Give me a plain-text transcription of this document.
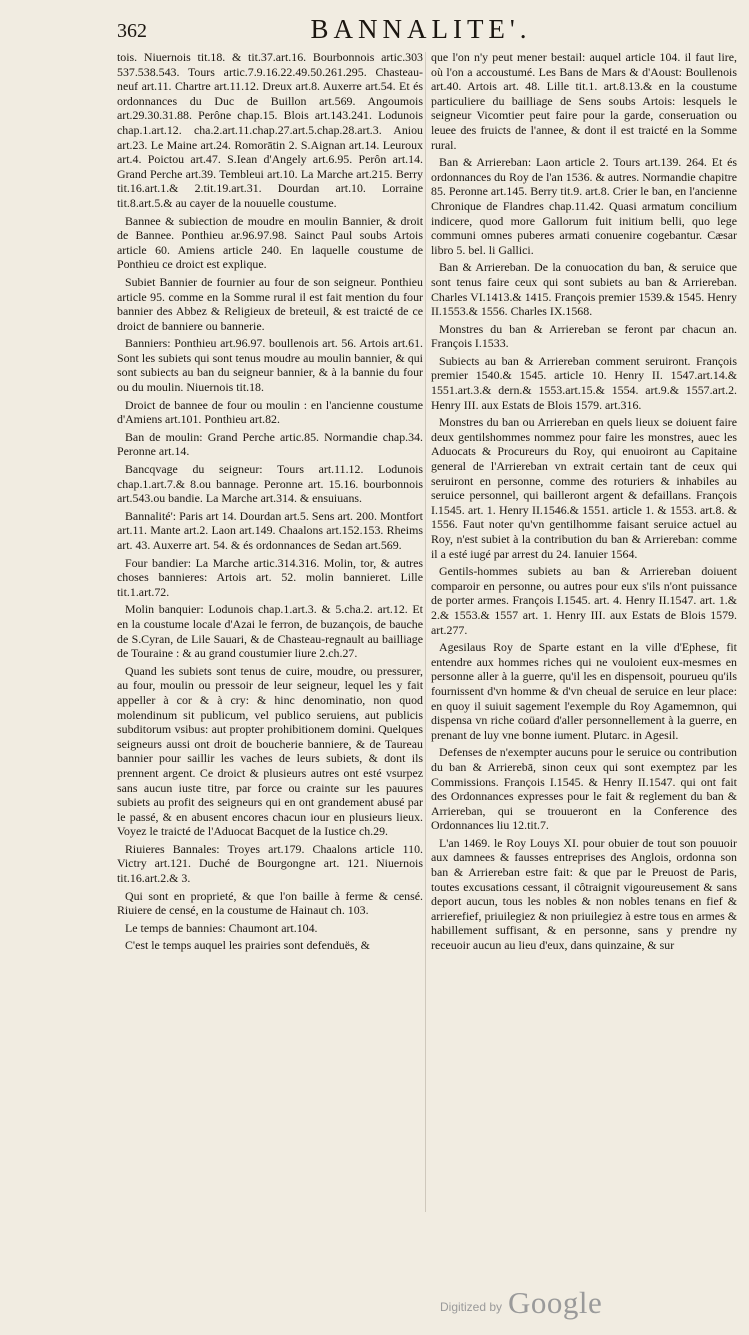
362	BANNALITE'.

tois. Niuernois tit.18. & tit.37.art.16. Bourbonnois artic.303 537.538.543. Tours artic.7.9.16.22.49.50.261.295. Chasteau-neuf art.11. Chartre art.11.12. Dreux art.8. Auxerre art.54. Et és ordonnances du Duc de Buillon art.569. Angoumois art.29.30.31.88. Perône chap.15. Blois art.143.241. Lodunois chap.1.art.12. cha.2.art.11.chap.27.art.5.chap.28.art.3. Aniou art.23. Le Maine art.24. Romorātin 2. S.Aignan art.14. Leuroux art.4. Poictou art.47. S.Iean d'Angely art.6.95. Perôn art.14. Grand Perche art.39. Tembleui art.10. La Marche art.215. Berry tit.16.art.1.& 2.tit.19.art.31. Dourdan art.10. Lorraine tit.8.art.5.& au cayer de la nouuelle coustume.

Bannee & subiection de moudre en moulin Bannier, & droit de Bannee. Ponthieu ar.96.97.98. Sainct Paul soubs Artois article 60. Amiens article 240. En laquelle coustume de Ponthieu ce droict est explique.

Subiet Bannier de fournier au four de son seigneur. Ponthieu article 95. comme en la Somme rural il est fait mention du four bannier des Abbez & Religieux de breteuil, & est traicté de ce droict de banniere ou bannerie.

Banniers: Ponthieu art.96.97. boullenois art. 56. Artois art.61. Sont les subiets qui sont tenus moudre au moulin bannier, & qui sont subiects au ban du seigneur bannier, & à la bannie du four ou du moulin. Niuernois tit.18.

Droict de bannee de four ou moulin : en l'ancienne coustume d'Amiens art.101. Ponthieu art.82.

Ban de moulin: Grand Perche artic.85. Normandie chap.34. Peronne art.14.

Bancqvage du seigneur: Tours art.11.12. Lodunois chap.1.art.7.& 8.ou bannage. Peronne art. 15.16. bourbonnois art.543.ou bandie. La Marche art.314. & ensuiuans.

Bannalité': Paris art 14. Dourdan art.5. Sens art. 200. Montfort art.11. Mante art.2. Laon art.149. Chaalons art.152.153. Rheims art. 43. Auxerre art. 54. & és ordonnances de Sedan art.569.

Four bandier: La Marche artic.314.316. Molin, tor, & autres choses bannieres: Artois art. 52. molin bannieret. Lille tit.1.art.72.

Molin banquier: Lodunois chap.1.art.3. & 5.cha.2. art.12. Et en la coustume locale d'Azai le ferron, de buzançois, de bauche de S.Cyran, de Lile Sauari, & de Chasteau-regnault au bailliage de Touraine : & au grand coustumier liure 2.ch.27.

Quand les subiets sont tenus de cuire, moudre, ou pressurer, au four, moulin ou pressoir de leur seigneur, lequel les y fait appeller à cor & à cry: & hinc denominatio, non quod molendinum sit publicum, vel publico seruiens, aut publicis subditorum vsibus: aut propter prohibitionem domini. Quelques seigneurs aussi ont droit de boucherie banniere, & de Taureau bannier pour saillir les vaches de leurs subiets, & dont ils prennent argent. Ce droict & plusieurs autres ont esté vsurpez sans aucun iuste titre, par force ou crainte sur les pauures subiets au profit des seigneurs qui en ont grandement abusé par le passé, & en abusent encores chacun iour en plusieurs lieux. Voyez le traicté de l'Aduocat Bacquet de la Iustice ch.29.

Riuieres Bannales: Troyes art.179. Chaalons article 110. Victry art.121. Duché de Bourgongne art. 121. Niuernois tit.16.art.2.& 3.

Qui sont en proprieté, & que l'on baille à ferme & censé. Riuiere de censé, en la coustume de Hainaut ch. 103.

Le temps de bannies: Chaumont art.104.

C'est le temps auquel les prairies sont defenduës, &

que l'on n'y peut mener bestail: auquel article 104. il faut lire, où l'on a accoustumé. Les Bans de Mars & d'Aoust: Boullenois art.40. Artois art. 48. Lille tit.1. art.8.13.& en la coustume particuliere du bailliage de Sens soubs Artois: lesquels le seigneur Vicomtier peut faire pour la garde, conseruation ou leuee des fruicts de l'annee, & dont il est traicté en la Somme rural.

Ban & Arriereban: Laon article 2. Tours art.139. 264. Et és ordonnances du Roy de l'an 1536. & autres. Normandie chapitre 85. Peronne art.145. Berry tit.9. art.8. Crier le ban, en l'ancienne Chronique de Flandres chap.11.42. Quasi armatum concilium indicere, quod more Gallorum fuit initium belli, quo lege communi omnes puberes armati conuenire cogebantur. Cæsar libro 5. bel. li Gallici.

Ban & Arriereban. De la conuocation du ban, & seruice que sont tenus faire ceux qui sont subiets au ban & Arriereban. Charles VI.1413.& 1415. François premier 1539.& 1545. Henry II.1553.& 1556. Charles IX.1568.

Monstres du ban & Arriereban se feront par chacun an. François I.1533.

Subiects au ban & Arriereban comment seruiront. François premier 1540.& 1545. article 10. Henry II. 1547.art.14.& 1551.art.3.& dern.& 1553.art.15.& 1554. art.9.& 1557.art.2. Henry III. aux Estats de Blois 1579. art.316.

Monstres du ban ou Arriereban en quels lieux se doiuent faire deux gentilshommes nommez pour faire les monstres, auec les Aduocats & Procureurs du Roy, qui enuoiront au Capitaine general de l'Arriereban vn extrait certain tant de ceux qui seruiront en personne, comme des roturiers & inhabiles au seruice personnel, qui bailleront argent & defaillans. François I.1545. art. 1. Henry II.1546.& 1551. article 1. & 1553. art.8. & 1556. Faut noter qu'vn gentilhomme faisant seruice actuel au Roy, n'est subiet à la contribution du ban & Arriereban: comme il a esté iugé par arrest du 24. Ianuier 1564.

Gentils-hommes subiets au ban & Arriereban doiuent comparoir en personne, ou autres pour eux s'ils n'ont puissance de porter armes. François I.1545. art. 4. Henry II.1547. art. 1.& 2.& 1553.& 1557 art. 1. Henry III. aux Estats de Blois 1579. art.277.

Agesilaus Roy de Sparte estant en la ville d'Ephese, fit entendre aux hommes riches qui ne vouloient eux-mesmes en personne aller à la guerre, qu'il les en dispensoit, pourueu qu'ils fournissent d'vn homme & d'vn cheual de seruice en leur place: en quoy il suiuit sagement l'exemple du Roy Agamemnon, qui dispensa vn riche coüard d'aller personnellement à la guerre, en prenant de luy vne bonne iument. Plutarc. in Agesil.

Defenses de n'exempter aucuns pour le seruice ou contribution du ban & Arrierebā, sinon ceux qui sont exemptez par les Commissions. François I.1545. & Henry II.1547. qui ont fait des Ordonnances expresses pour le fait & reglement du ban & Arriereban, qui se trouueront en la Conference des Ordonnances liu 12.tit.7.

L'an 1469. le Roy Louys XI. pour obuier de tout son pouuoir aux damnees & fausses entreprises des Anglois, ordonna son ban & Arriereban estre fait: & que par le Preuost de Paris, toutes excusations cessant, il côtraignit vigoureusement & sans deport aucun, tous les nobles & non nobles tenans en fief & arrierefief, priuilegiez & non priuilegiez à estre tous en armes & habillement suffisant, & en personne, sans y prendre ny receuoir aucun au lieu d'eux, dans quinzaine, & sur

Digitized by Google
